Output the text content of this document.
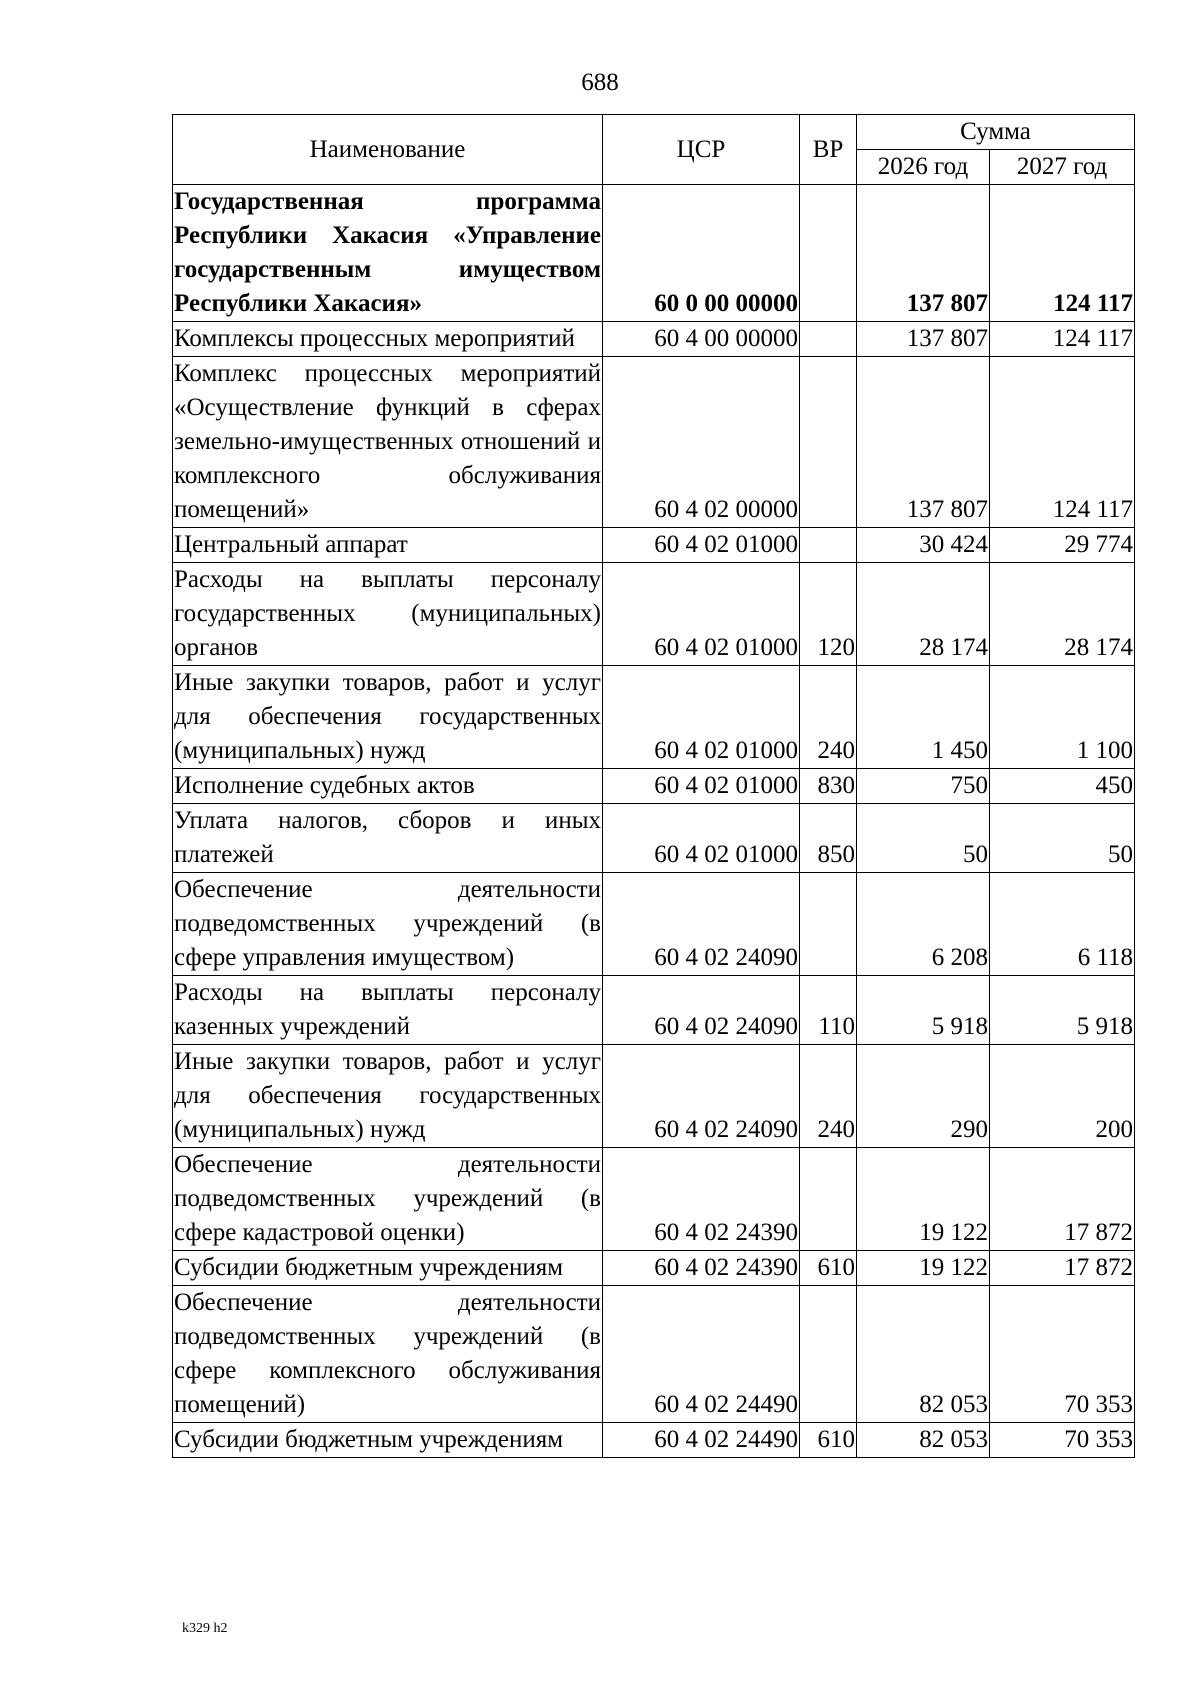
688
Наименование	ЦСР	ВР	Сумма	
			2026 год	2027 год
Государственная программа Республики Хакасия «Управление государственным имуществом Республики Хакасия»	60 0 00 00000		137 807	124 117
Комплексы процессных мероприятий	60 4 00 00000		137 807	124 117
Комплекс процессных мероприятий «Осуществление функций в сферах земельно-имущественных отношений и комплексного обслуживания помещений»	60 4 02 00000		137 807	124 117
Центральный аппарат	60 4 02 01000		30 424	29 774
Расходы на выплаты персоналу государственных (муниципальных) органов	60 4 02 01000	120	28 174	28 174
Иные закупки товаров, работ и услуг для обеспечения государственных (муниципальных) нужд	60 4 02 01000	240	1 450	1 100
Исполнение судебных актов	60 4 02 01000	830	750	450
Уплата налогов, сборов и иных платежей	60 4 02 01000	850	50	50
Обеспечение деятельности подведомственных учреждений (в сфере управления имуществом)	60 4 02 24090		6 208	6 118
Расходы на выплаты персоналу казенных учреждений	60 4 02 24090	110	5 918	5 918
Иные закупки товаров, работ и услуг для обеспечения государственных (муниципальных) нужд	60 4 02 24090	240	290	200
Обеспечение деятельности подведомственных учреждений (в сфере кадастровой оценки)	60 4 02 24390		19 122	17 872
Субсидии бюджетным учреждениям	60 4 02 24390	610	19 122	17 872
Обеспечение деятельности подведомственных учреждений (в сфере комплексного обслуживания помещений)	60 4 02 24490		82 053	70 353
Субсидии бюджетным учреждениям	60 4 02 24490	610	82 053	70 353
k329 h2
